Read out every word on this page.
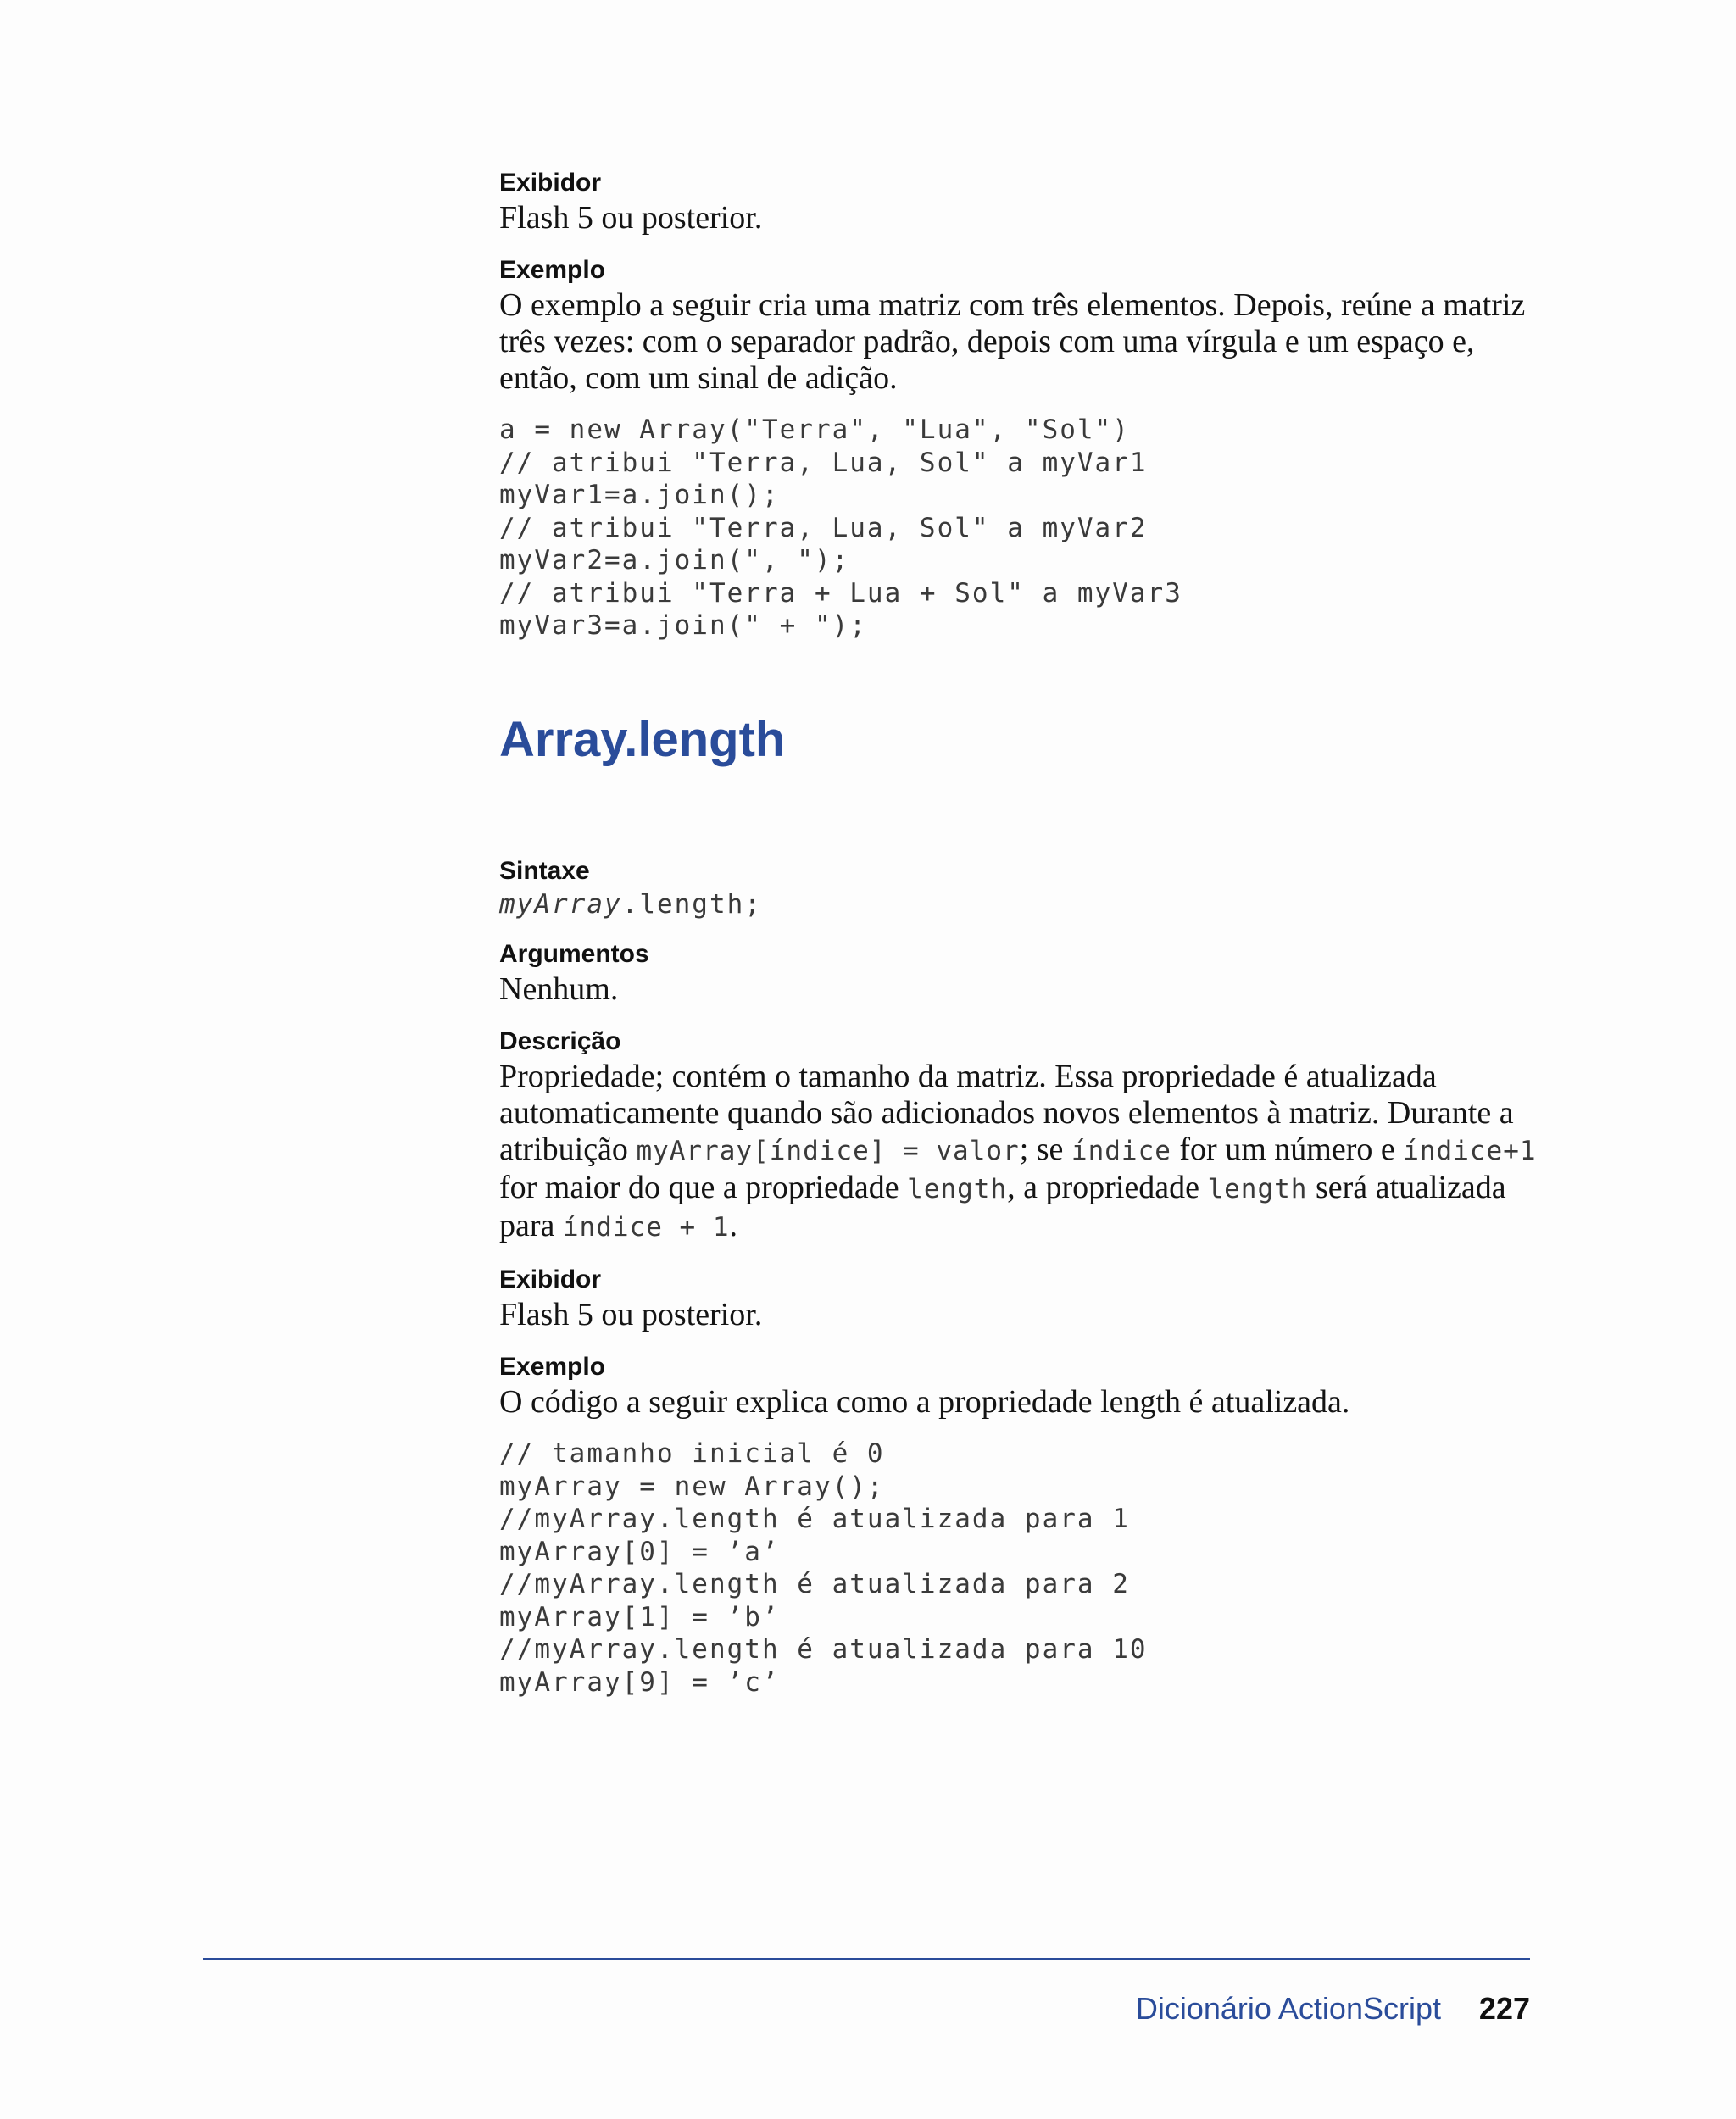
Exibidor

Flash 5 ou posterior.

Exemplo

O exemplo a seguir cria uma matriz com três elementos. Depois, reúne a matriz três vezes: com o separador padrão, depois com uma vírgula e um espaço e, então, com um sinal de adição.

a = new Array("Terra", "Lua", "Sol")
// atribui "Terra, Lua, Sol" a myVar1
myVar1=a.join();
// atribui "Terra, Lua, Sol" a myVar2
myVar2=a.join(", ");
// atribui "Terra + Lua + Sol" a myVar3
myVar3=a.join(" + ");
Array.length

Sintaxe

myArray.length;

Argumentos

Nenhum.

Descrição

Propriedade; contém o tamanho da matriz. Essa propriedade é atualizada automaticamente quando são adicionados novos elementos à matriz. Durante a atribuição myArray[índice] = valor; se índice for um número e índice+1 for maior do que a propriedade length, a propriedade length será atualizada para índice + 1.

Exibidor

Flash 5 ou posterior.

Exemplo

O código a seguir explica como a propriedade length é atualizada.

// tamanho inicial é 0
myArray = new Array();
//myArray.length é atualizada para 1
myArray[0] = ’a’
//myArray.length é atualizada para 2
myArray[1] = ’b’
//myArray.length é atualizada para 10
myArray[9] = ’c’
Dicionário ActionScript 227
